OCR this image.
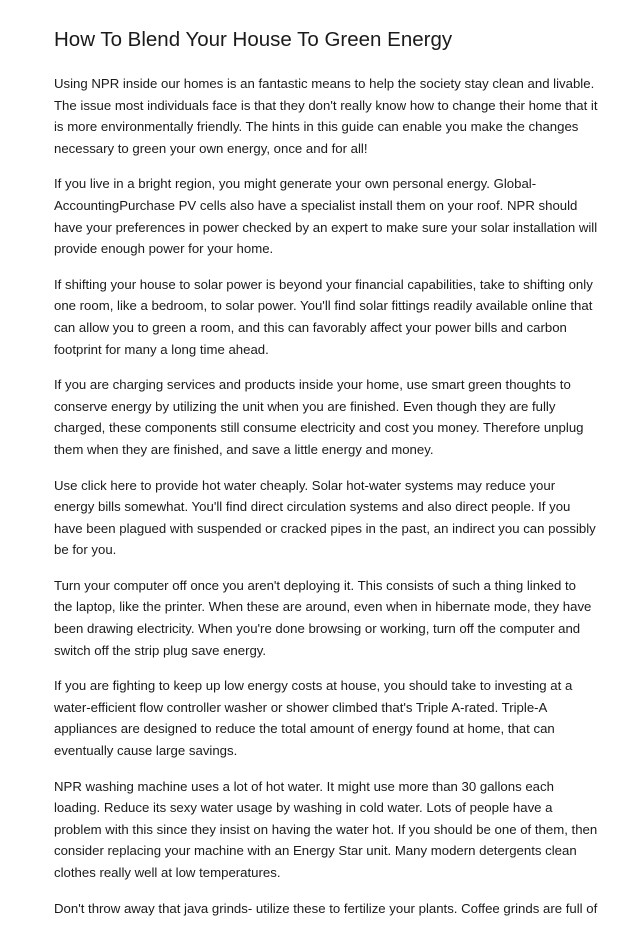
How To Blend Your House To Green Energy

Using NPR inside our homes is an fantastic means to help the society stay clean and livable.
The issue most individuals face is that they don't really know how to change their home that it
is more environmentally friendly. The hints in this guide can enable you make the changes
necessary to green your own energy, once and for all!

If you live in a bright region, you might generate your own personal energy. Global-
AccountingPurchase PV cells also have a specialist install them on your roof. NPR should
have your preferences in power checked by an expert to make sure your solar installation will
provide enough power for your home.

If shifting your house to solar power is beyond your financial capabilities, take to shifting only
one room, like a bedroom, to solar power. You'll find solar fittings readily available online that
can allow you to green a room, and this can favorably affect your power bills and carbon
footprint for many a long time ahead.

If you are charging services and products inside your home, use smart green thoughts to
conserve energy by utilizing the unit when you are finished. Even though they are fully
charged, these components still consume electricity and cost you money. Therefore unplug
them when they are finished, and save a little energy and money.

Use click here to provide hot water cheaply. Solar hot-water systems may reduce your
energy bills somewhat. You'll find direct circulation systems and also direct people. If you
have been plagued with suspended or cracked pipes in the past, an indirect you can possibly
be for you.

Turn your computer off once you aren't deploying it. This consists of such a thing linked to
the laptop, like the printer. When these are around, even when in hibernate mode, they have
been drawing electricity. When you're done browsing or working, turn off the computer and
switch off the strip plug save energy.

If you are fighting to keep up low energy costs at house, you should take to investing at a
water-efficient flow controller washer or shower climbed that's Triple A-rated. Triple-A
appliances are designed to reduce the total amount of energy found at home, that can
eventually cause large savings.

NPR washing machine uses a lot of hot water. It might use more than 30 gallons each
loading. Reduce its sexy water usage by washing in cold water. Lots of people have a
problem with this since they insist on having the water hot. If you should be one of them, then
consider replacing your machine with an Energy Star unit. Many modern detergents clean
clothes really well at low temperatures.

Don't throw away that java grinds- utilize these to fertilize your plants. Coffee grinds are full of
